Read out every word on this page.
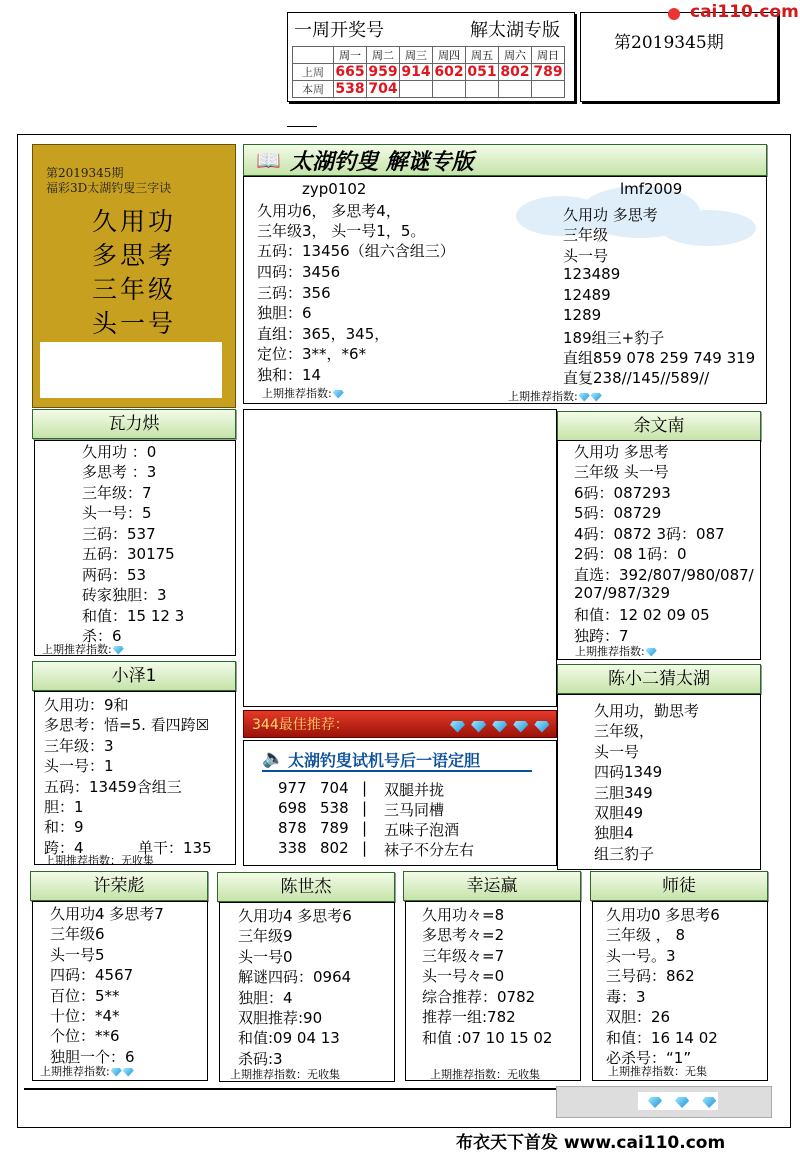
一周开奖号	解太湖专版
	周一	周二	周三	周四	周五	周六	周日
上周	665	959	914	602	051	802	789
本周	538	704					
第2019345期
cai110.com
第2019345期
福彩3D太湖钓叟三字诀
久用功
多思考
三年级
头一号
📖 太湖钓叟 解谜专版
zyp0102
久用功6， 多思考4，
三年级3， 头一号1，5。
五码：13456（组六含组三）
四码：3456
三码：356
独胆：6
直组：365，345，
定位：3**，*6*
独和：14
上期推荐指数:
lmf2009
久用功 多思考
三年级
头一号
123489
12489
1289
189组三+豹子
直组859 078 259 749 319
直复238//145//589//
上期推荐指数:
瓦力烘
久用功 ：0
多思考 ：3
三年级：7
头一号：5
三码：537
五码：30175
两码：53
砖家独胆：3
和值：15 12 3
杀：6
上期推荐指数:
余文南
久用功 多思考
三年级 头一号
6码：087293
5码：08729
4码：0872 3码：087
2码：08 1码：0
直选：392/807/980/087/
207/987/329
和值：12 02 09 05
独跨：7
上期推荐指数:
小泽1
久用功：9和
多思考：悟=5. 看四跨☒
三年级：3
头一号：1
五码：13459含组三
胆：1
和：9
跨：4	单干：135
上期推荐指数：无收集
344最佳推荐：

🔈 太湖钓叟试机号后一语定胆
977 704 | 双腿并拢
698 538 | 三马同槽
878 789 | 五味子泡酒
338 802 | 袜子不分左右
陈小二猜太湖
久用功，勤思考
三年级，
头一号
四码1349
三胆349
双胆49
独胆4
组三豹子
许荣彪
久用功4 多思考7
三年级6
头一号5
四码：4567
百位：5**
十位：*4*
个位：**6
独胆一个：6
上期推荐指数:
陈世杰
久用功4 多思考6
三年级9
头一号0
解谜四码：0964
独胆：4
双胆推荐:90
和值:09 04 13
杀码:3
上期推荐指数：无收集
幸运赢
久用功々=8
多思考々=2
三年级々=7
头一号々=0
综合推荐：0782
推荐一组:782
和值 :07 10 15 02
上期推荐指数：无收集
师徒
久用功0 多思考6
三年级 ， 8
头一号。3
三号码：862
毒：3
双胆：26
和值：16 14 02
必杀号：“1”
上期推荐指数：无集

布衣天下首发 www.cai110.com
